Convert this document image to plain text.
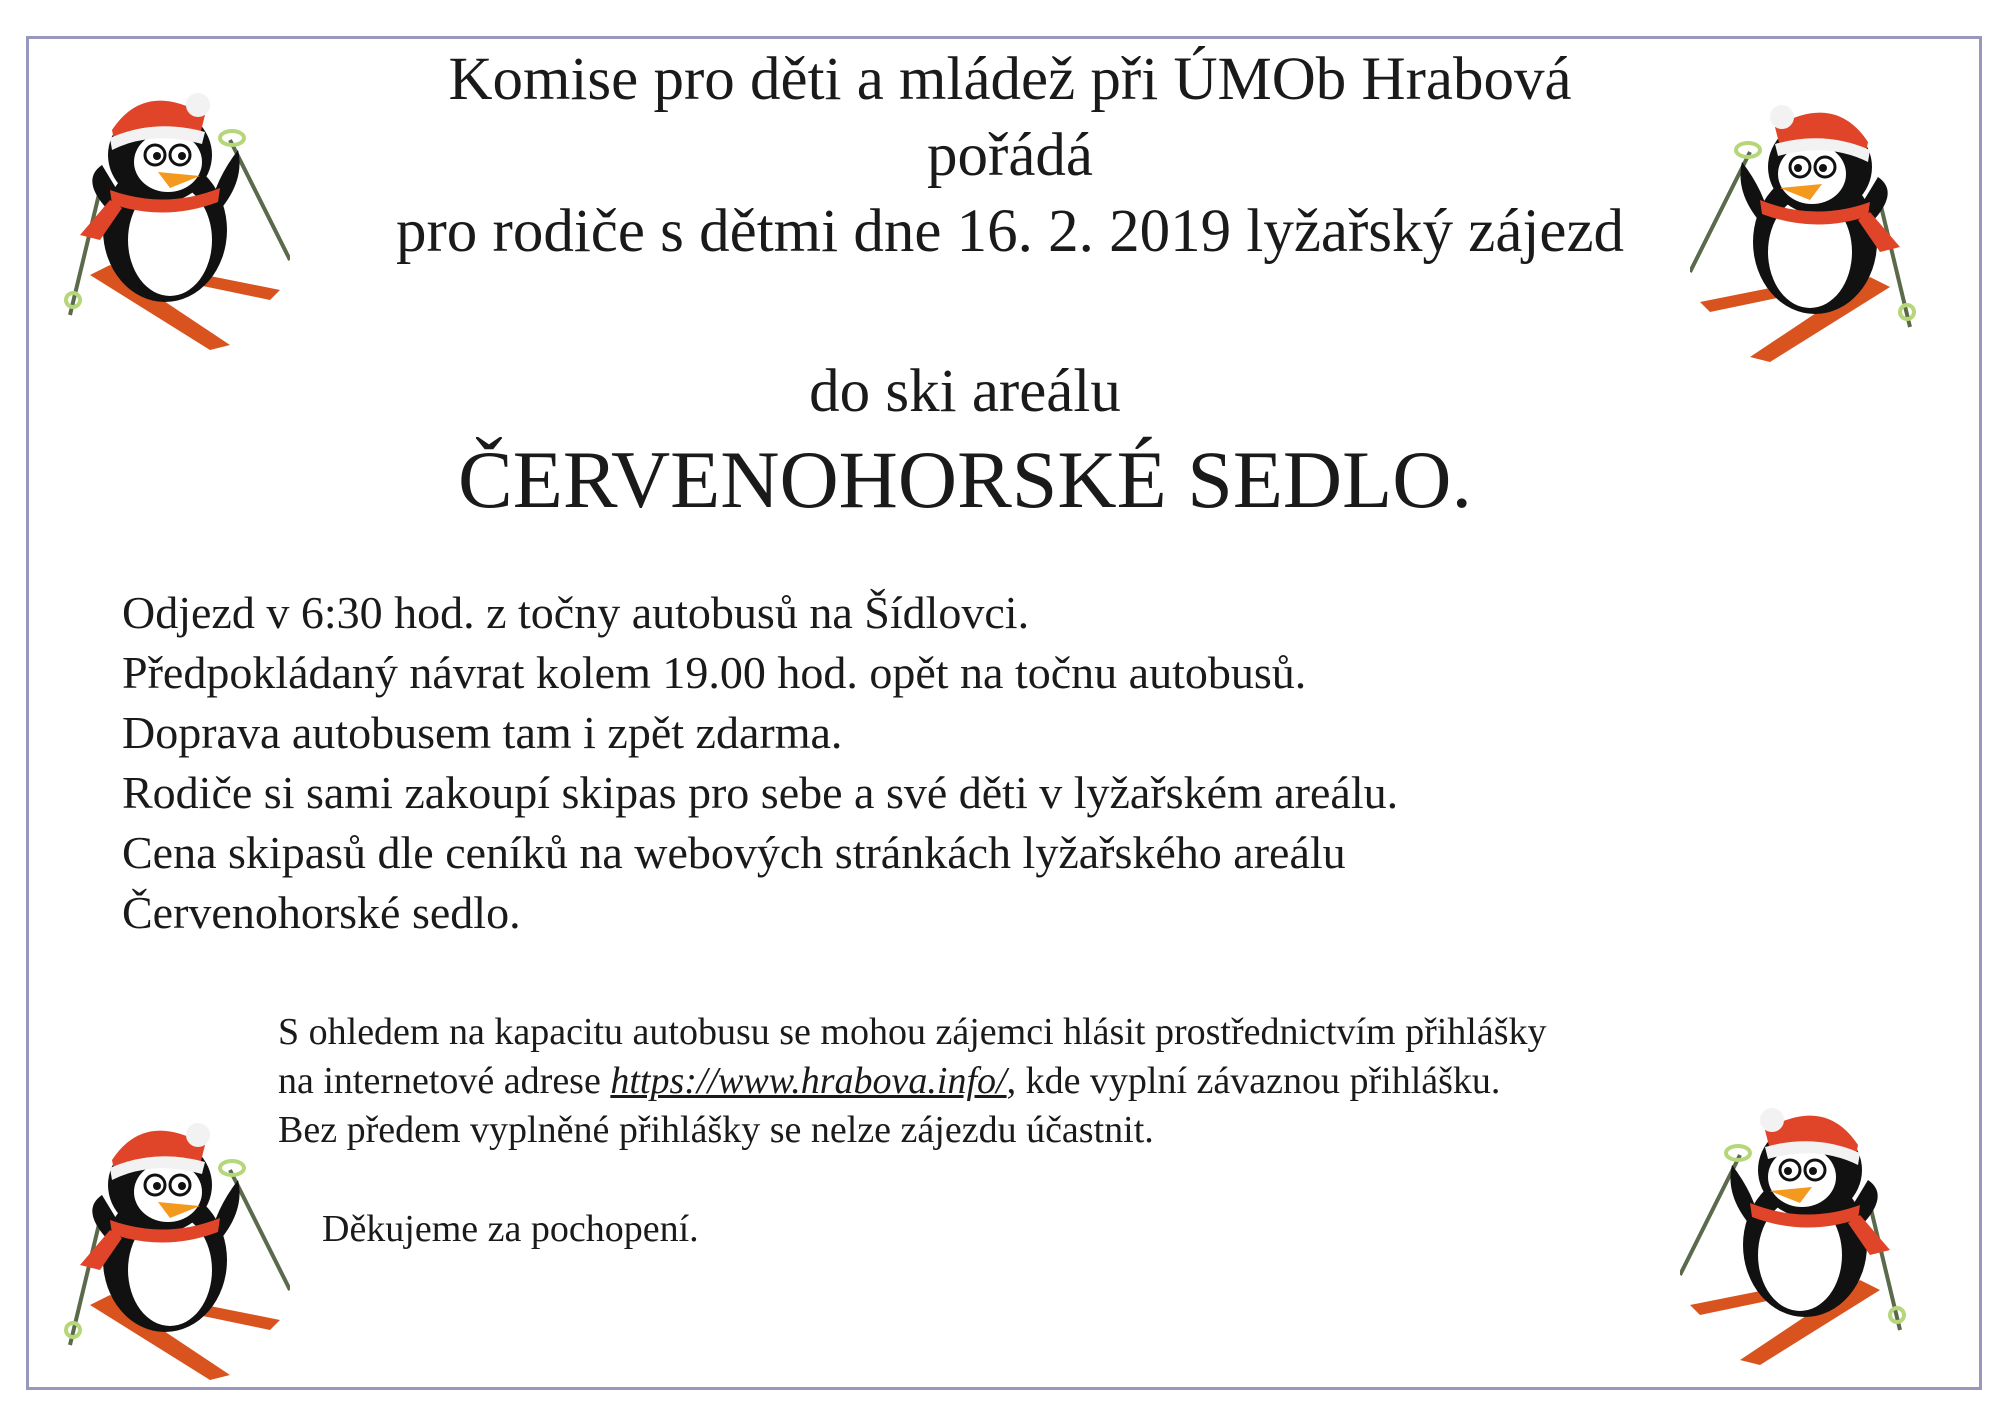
Komise pro děti a mládež při ÚMOb Hrabová
pořádá
pro rodiče s dětmi dne 16. 2. 2019 lyžařský zájezd
do ski areálu
ČERVENOHORSKÉ SEDLO.
Odjezd v 6:30 hod. z točny autobusů na Šídlovci.
Předpokládaný návrat kolem 19.00 hod. opět na točnu autobusů.
Doprava autobusem tam i zpět zdarma.
Rodiče si sami zakoupí skipas pro sebe a své děti v lyžařském areálu.
Cena skipasů dle ceníků na webových stránkách lyžařského areálu
Červenohorské sedlo.
S ohledem na kapacitu autobusu se mohou zájemci hlásit prostřednictvím přihlášky
na internetové adrese https://www.hrabova.info/, kde vyplní závaznou přihlášku.
Bez předem vyplněné přihlášky se nelze zájezdu účastnit.
Děkujeme za pochopení.
